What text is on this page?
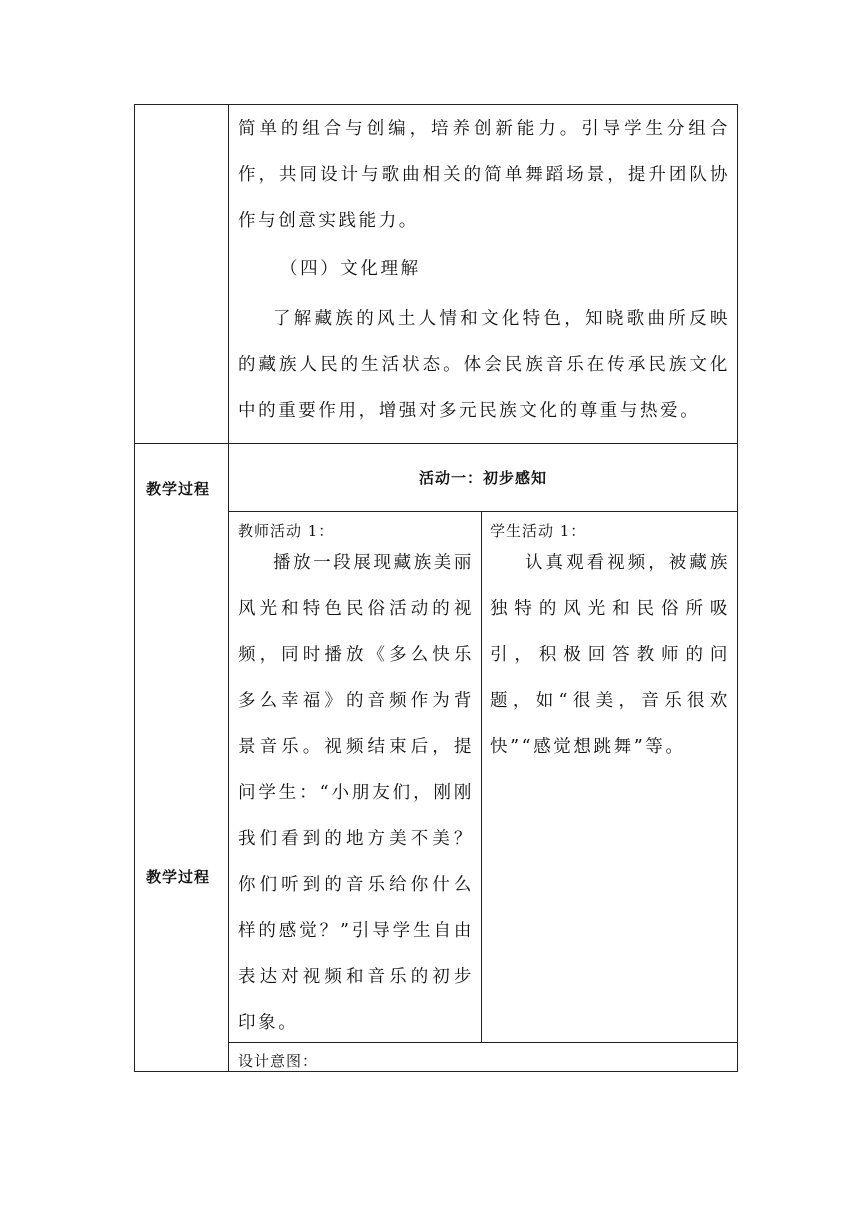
简单的组合与创编，培养创新能力。引导学生分组合作，共同设计与歌曲相关的简单舞蹈场景，提升团队协作与创意实践能力。

（四）文化理解

了解藏族的风土人情和文化特色，知晓歌曲所反映的藏族人民的生活状态。体会民族音乐在传承民族文化中的重要作用，增强对多元民族文化的尊重与热爱。

教学过程
教学过程
活动一：初步感知
教师活动 1：
播放一段展现藏族美丽风光和特色民俗活动的视频，同时播放《多么快乐多么幸福》的音频作为背景音乐。视频结束后，提问学生：“小朋友们，刚刚我们看到的地方美不美？你们听到的音乐给你什么样的感觉？”引导学生自由表达对视频和音乐的初步印象。
学生活动 1：
认真观看视频，被藏族独特的风光和民俗所吸引，积极回答教师的问题，如“很美，音乐很欢快”“感觉想跳舞”等。
设计意图：
